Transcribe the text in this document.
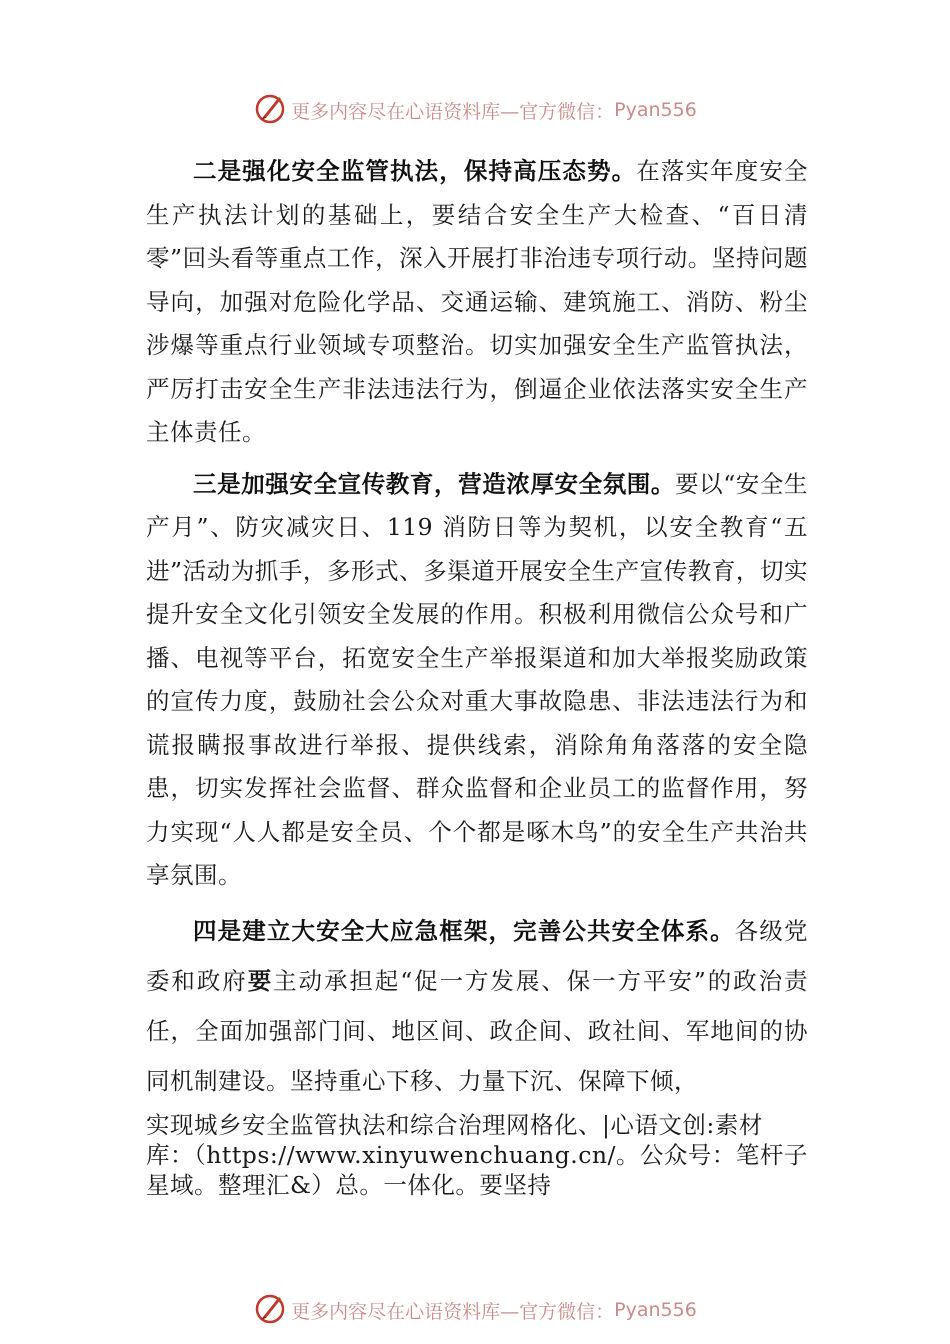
更多内容尽在心语资料库—官方微信： Pyan556

二是强化安全监管执法，保持高压态势。在落实年度安全生产执法计划的基础上，要结合安全生产大检查、“百日清零”回头看等重点工作，深入开展打非治违专项行动。坚持问题导向，加强对危险化学品、交通运输、建筑施工、消防、粉尘涉爆等重点行业领域专项整治。切实加强安全生产监管执法，严厉打击安全生产非法违法行为，倒逼企业依法落实安全生产主体责任。

三是加强安全宣传教育，营造浓厚安全氛围。要以“安全生产月”、防灾减灾日、119 消防日等为契机，以安全教育“五进”活动为抓手，多形式、多渠道开展安全生产宣传教育，切实提升安全文化引领安全发展的作用。积极利用微信公众号和广播、电视等平台，拓宽安全生产举报渠道和加大举报奖励政策的宣传力度，鼓励社会公众对重大事故隐患、非法违法行为和谎报瞒报事故进行举报、提供线索，消除角角落落的安全隐患，切实发挥社会监督、群众监督和企业员工的监督作用，努力实现“人人都是安全员、个个都是啄木鸟”的安全生产共治共享氛围。

四是建立大安全大应急框架，完善公共安全体系。各级党委和政府要主动承担起“促一方发展、保一方平安”的政治责任，全面加强部门间、地区间、政企间、政社间、军地间的协同机制建设。坚持重心下移、力量下沉、保障下倾，

实现城乡安全监管执法和综合治理网格化、|心语文创:素材库：（https://www.xinyuwenchuang.cn/。公众号：笔杆子星域。整理汇&）总。一体化。要坚持

更多内容尽在心语资料库—官方微信： Pyan556
